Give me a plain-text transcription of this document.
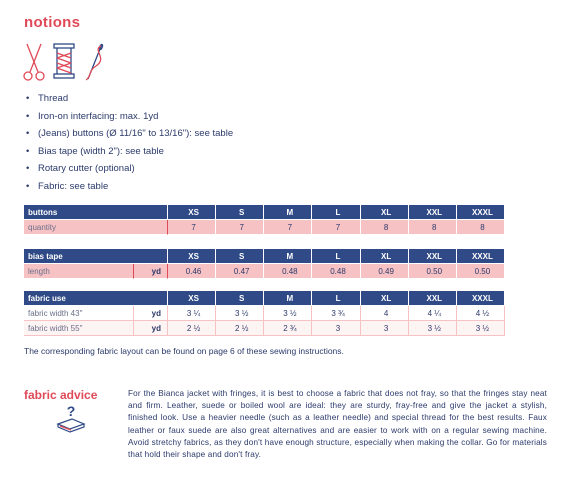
notions
• Thread
• Iron-on interfacing: max. 1yd
• (Jeans) buttons (Ø 11/16" to 13/16"): see table
• Bias tape (width 2"): see table
• Rotary cutter (optional)
• Fabric: see table
buttons	XS	S	M	L	XL	XXL	XXXL
quantity	7	7	7	7	8	8	8
bias tape		XS	S	M	L	XL	XXL	XXXL
length	yd	0.46	0.47	0.48	0.48	0.49	0.50	0.50
fabric use		XS	S	M	L	XL	XXL	XXXL
fabric width 43"	yd	3 ¼	3 ½	3 ½	3 ¾	4	4 ¼	4 ½
fabric width 55"	yd	2 ½	2 ½	2 ¾	3	3	3 ½	3 ½
The corresponding fabric layout can be found on page 6 of these sewing instructions.
fabric advice
?
For the Bianca jacket with fringes, it is best to choose a fabric that does not fray, so that the fringes stay neat and firm. Leather, suede or boiled wool are ideal: they are sturdy, fray-free and give the jacket a stylish, finished look. Use a heavier needle (such as a leather needle) and special thread for the best results. Faux leather or faux suede are also great alternatives and are easier to work with on a regular sewing machine. Avoid stretchy fabrics, as they don't have enough structure, especially when making the collar. Go for materials that hold their shape and don't fray.
